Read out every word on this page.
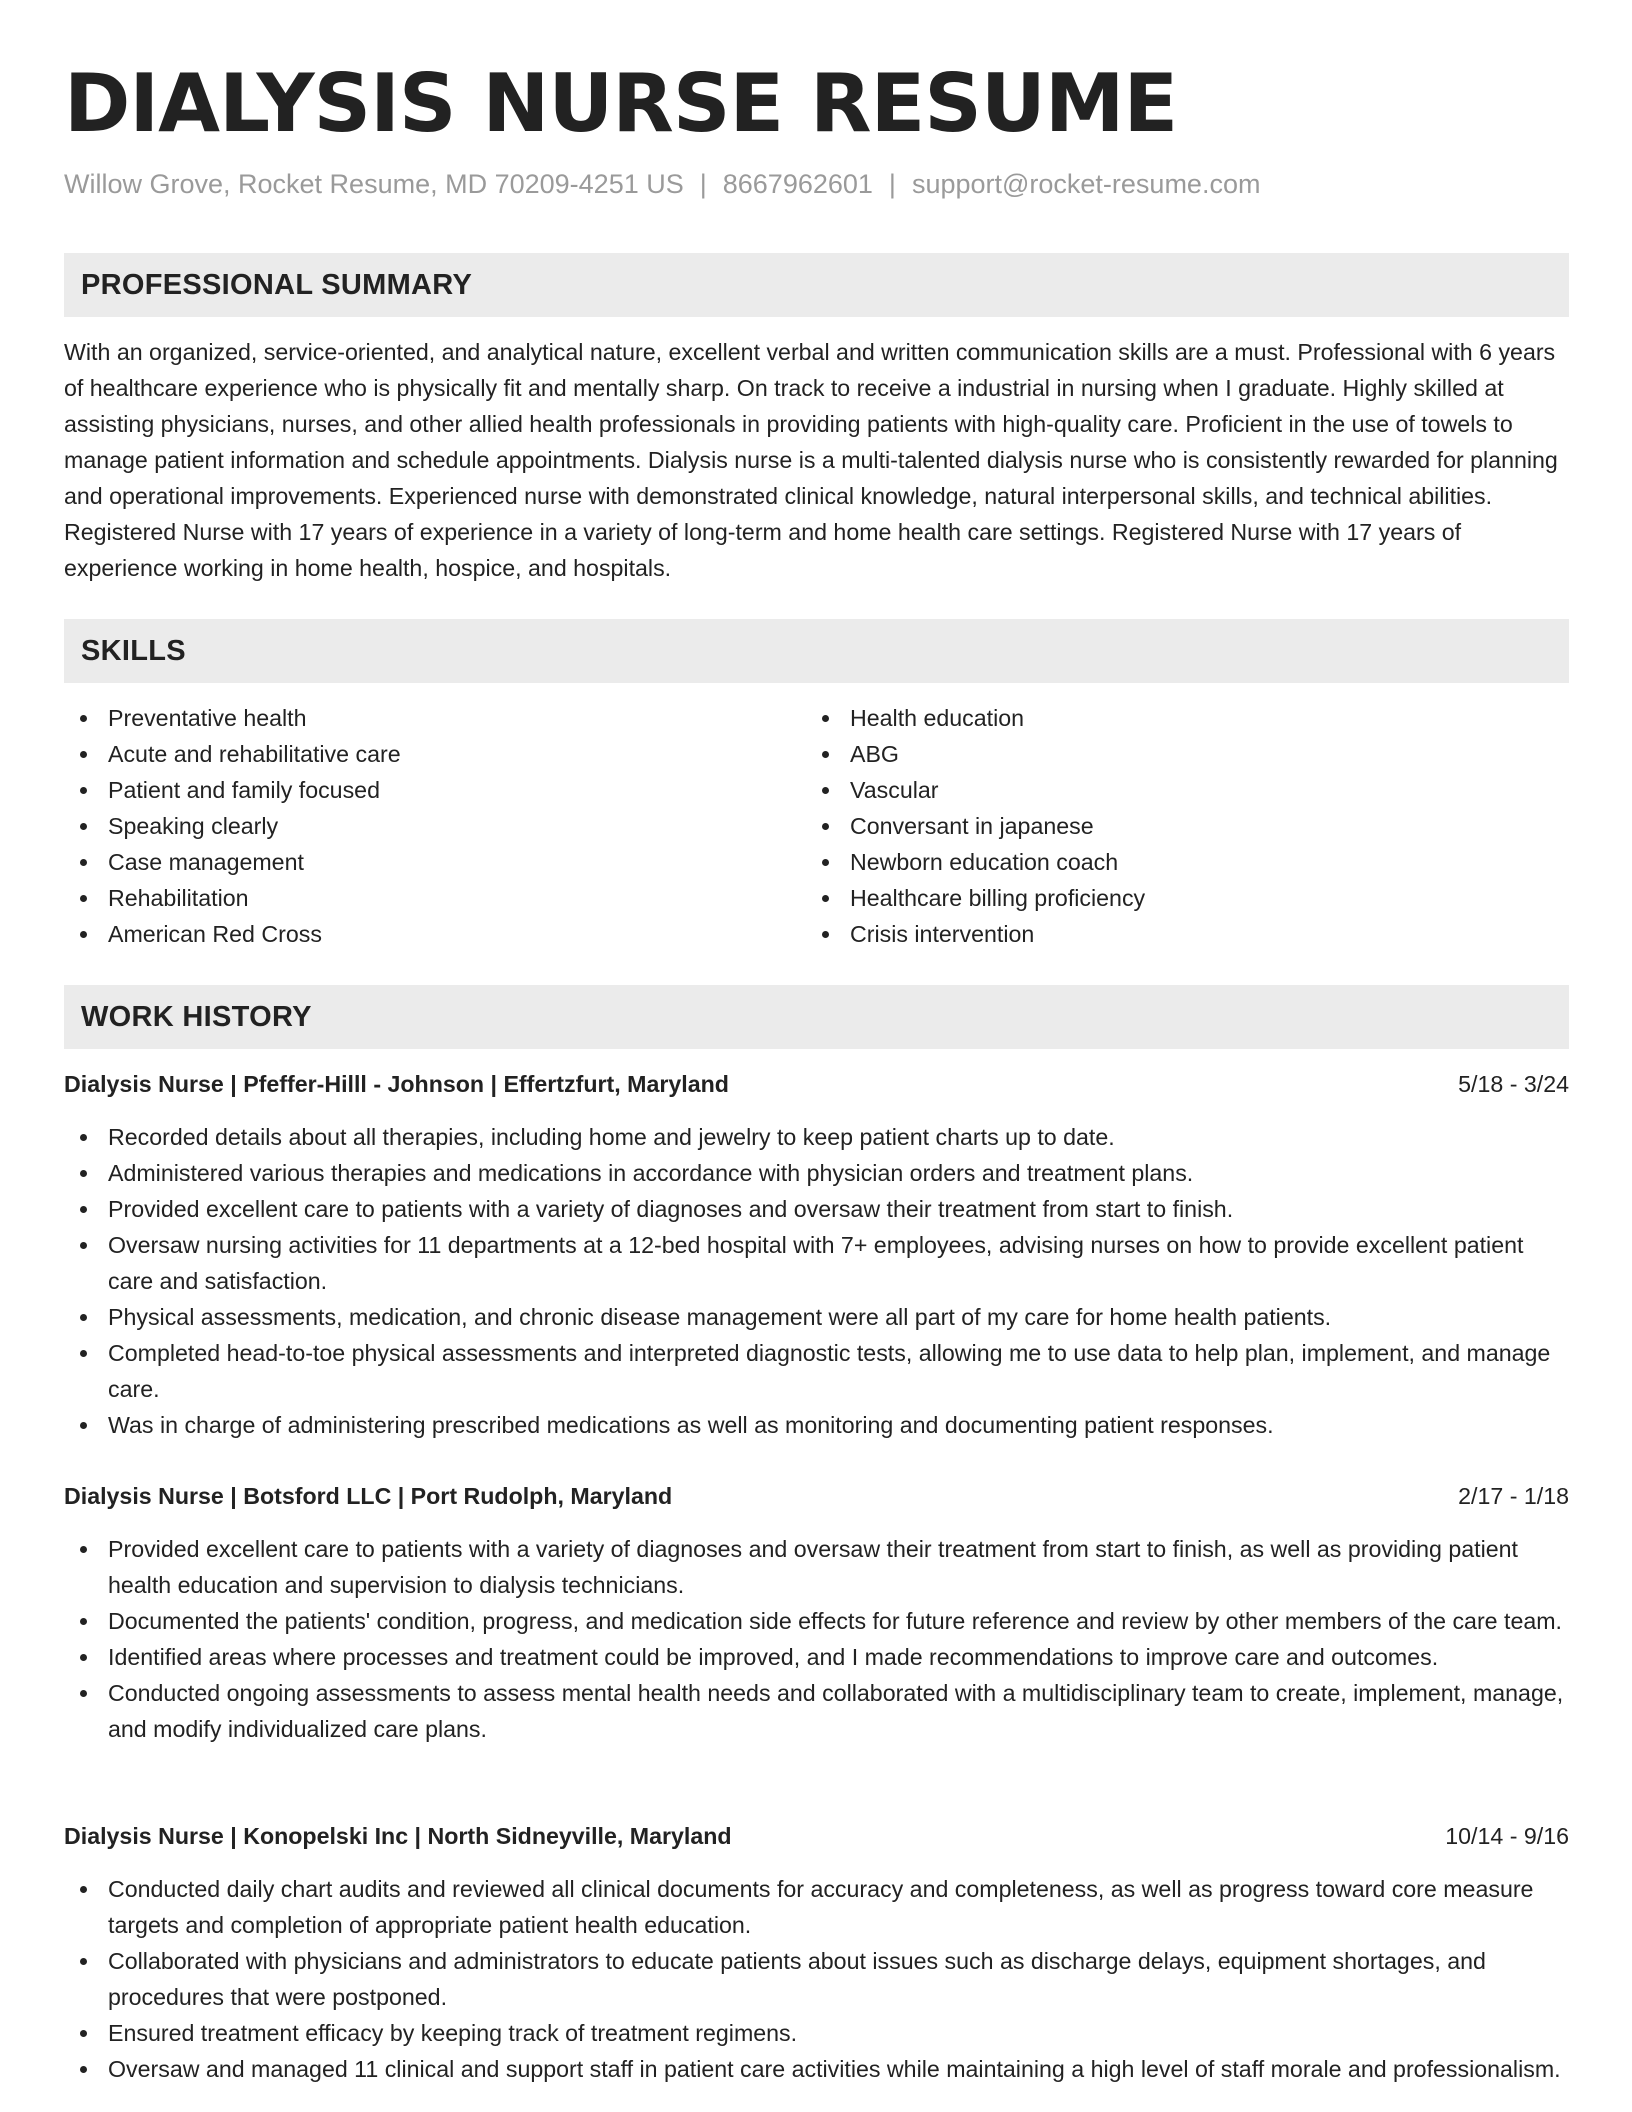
DIALYSIS NURSE RESUME
Willow Grove, Rocket Resume, MD 70209-4251 US | 8667962601 | support@rocket-resume.com
PROFESSIONAL SUMMARY

With an organized, service-oriented, and analytical nature, excellent verbal and written communication skills are a must. Professional with 6 years of healthcare experience who is physically fit and mentally sharp. On track to receive a industrial in nursing when I graduate. Highly skilled at assisting physicians, nurses, and other allied health professionals in providing patients with high-quality care. Proficient in the use of towels to manage patient information and schedule appointments. Dialysis nurse is a multi-talented dialysis nurse who is consistently rewarded for planning and operational improvements. Experienced nurse with demonstrated clinical knowledge, natural interpersonal skills, and technical abilities. Registered Nurse with 17 years of experience in a variety of long-term and home health care settings. Registered Nurse with 17 years of experience working in home health, hospice, and hospitals.

SKILLS
Preventative health
Acute and rehabilitative care
Patient and family focused
Speaking clearly
Case management
Rehabilitation
American Red Cross
Health education
ABG
Vascular
Conversant in japanese
Newborn education coach
Healthcare billing proficiency
Crisis intervention
WORK HISTORY
Dialysis Nurse | Pfeffer-Hilll - Johnson | Effertzfurt, Maryland	5/18 - 3/24
Recorded details about all therapies, including home and jewelry to keep patient charts up to date.
Administered various therapies and medications in accordance with physician orders and treatment plans.
Provided excellent care to patients with a variety of diagnoses and oversaw their treatment from start to finish.
Oversaw nursing activities for 11 departments at a 12-bed hospital with 7+ employees, advising nurses on how to provide excellent patient care and satisfaction.
Physical assessments, medication, and chronic disease management were all part of my care for home health patients.
Completed head-to-toe physical assessments and interpreted diagnostic tests, allowing me to use data to help plan, implement, and manage care.
Was in charge of administering prescribed medications as well as monitoring and documenting patient responses.
Dialysis Nurse | Botsford LLC | Port Rudolph, Maryland	2/17 - 1/18
Provided excellent care to patients with a variety of diagnoses and oversaw their treatment from start to finish, as well as providing patient health education and supervision to dialysis technicians.
Documented the patients' condition, progress, and medication side effects for future reference and review by other members of the care team.
Identified areas where processes and treatment could be improved, and I made recommendations to improve care and outcomes.
Conducted ongoing assessments to assess mental health needs and collaborated with a multidisciplinary team to create, implement, manage, and modify individualized care plans.
Dialysis Nurse | Konopelski Inc | North Sidneyville, Maryland	10/14 - 9/16
Conducted daily chart audits and reviewed all clinical documents for accuracy and completeness, as well as progress toward core measure targets and completion of appropriate patient health education.
Collaborated with physicians and administrators to educate patients about issues such as discharge delays, equipment shortages, and procedures that were postponed.
Ensured treatment efficacy by keeping track of treatment regimens.
Oversaw and managed 11 clinical and support staff in patient care activities while maintaining a high level of staff morale and professionalism.
